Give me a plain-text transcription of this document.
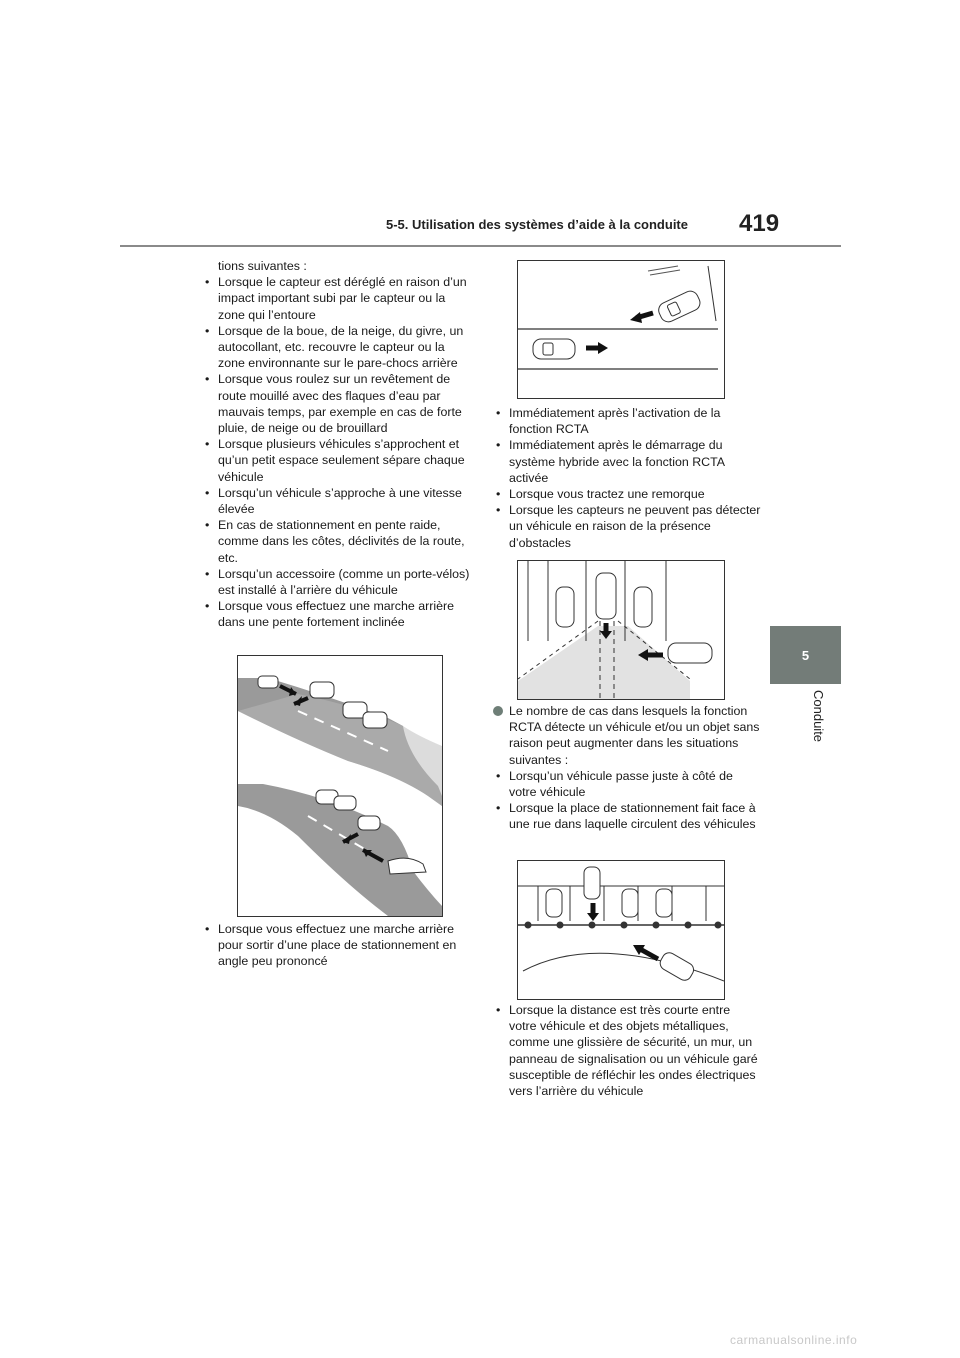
5-5. Utilisation des systèmes d’aide à la conduite 419
5
Conduite

tions suivantes :

• Lorsque le capteur est déréglé en raison d’un impact important subi par le capteur ou la zone qui l’entoure

• Lorsque de la boue, de la neige, du givre, un autocollant, etc. recouvre le capteur ou la zone environnante sur le pare-chocs arrière

• Lorsque vous roulez sur un revêtement de route mouillé avec des flaques d’eau par mauvais temps, par exemple en cas de forte pluie, de neige ou de brouillard

• Lorsque plusieurs véhicules s’approchent et qu’un petit espace seulement sépare chaque véhicule

• Lorsqu’un véhicule s’approche à une vitesse élevée

• En cas de stationnement en pente raide, comme dans les côtes, déclivités de la route, etc.

• Lorsqu’un accessoire (comme un porte-vélos) est installé à l’arrière du véhicule

• Lorsque vous effectuez une marche arrière dans une pente fortement inclinée

• Lorsque vous effectuez une marche arrière pour sortir d’une place de stationnement en angle peu prononcé

• Immédiatement après l’activation de la fonction RCTA

• Immédiatement après le démarrage du système hybride avec la fonction RCTA activée

• Lorsque vous tractez une remorque

• Lorsque les capteurs ne peuvent pas détecter un véhicule en raison de la présence d’obstacles

Le nombre de cas dans lesquels la fonction RCTA détecte un véhicule et/ou un objet sans raison peut augmenter dans les situations suivantes :

• Lorsqu’un véhicule passe juste à côté de votre véhicule

• Lorsque la place de stationnement fait face à une rue dans laquelle circulent des véhicules

• Lorsque la distance est très courte entre votre véhicule et des objets métalliques, comme une glissière de sécurité, un mur, un panneau de signalisation ou un véhicule garé susceptible de réfléchir les ondes électriques vers l’arrière du véhicule

carmanualsonline.info
